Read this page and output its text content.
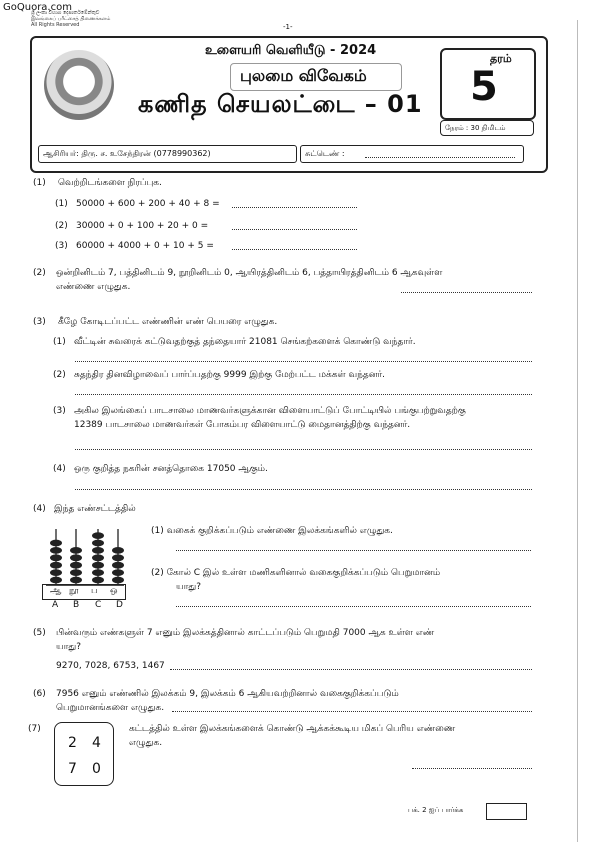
GoQuora.com
ශ්‍රී ලංකා විභාග දෙපාර්තමේන්තුව
இலங்கைப் பரீட்சைத் திணைக்களம்
All Rights Reserved	-1-
உளையரி வெளியீடு - 2024
புலமை விவேகம்
கணித செயலட்டை – 01
தரம்
5
நேரம் : 30 நிமிடம்
ஆசிரியர்: திரு. ச. உசேந்திரன் (0778990362)	சுட்டெண் :
(1) வெற்றிடங்களை நிரப்புக.
(1) 50000 + 600 + 200 + 40 + 8 =
(2) 30000 + 0 + 100 + 20 + 0 =
(3) 60000 + 4000 + 0 + 10 + 5 =
(2) ஒன்றினிடம் 7, பத்தினிடம் 9, நூறினிடம் 0, ஆயிரத்தினிடம் 6, பத்தாயிரத்தினிடம் 6 ஆகவுள்ள
எண்ணை எழுதுக.
(3) கீழே கோடிடப்பட்ட எண்ணின் எண் பெயரை எழுதுக.
(1) வீட்டின் சுவரைக் கட்டுவதற்குத் தந்தையார் 21081 செங்கற்களைக் கொண்டு வந்தார்.
(2) சுதந்திர தினவிழாவைப் பார்ப்பதற்கு 9999 இற்கு மேற்பட்ட மக்கள் வந்தனர்.
(3) அகில இலங்கைப் பாடசாலை மாணவர்களுக்கான விளையாட்டுப் போட்டியில் பங்குபற்றுவதற்கு
12389 பாடசாலை மாணவர்கள் போகம்பர விளையாட்டு மைதானத்திற்கு வந்தனர்.
(4) ஒரு குறித்த நகரின் சனத்தொகை 17050 ஆகும்.
(4) இந்த எண்சட்டத்தில்
ஆ நூ ப ஒ
A B C D
(1) வகைக் குறிக்கப்படும் எண்ணை இலக்கங்களில் எழுதுக.
(2) கோல் C இல் உள்ள மணிகளினால் வகைகுறிக்கப்படும் பெறுமானம்
யாது?
(5) பின்வரும் எண்களுள் 7 எனும் இலக்கத்தினால் காட்டப்படும் பெறுமதி 7000 ஆக உள்ள எண்
யாது?
9270, 7028, 6753, 1467
(6) 7956 எனும் எண்ணில் இலக்கம் 9, இலக்கம் 6 ஆகியவற்றினால் வகைகுறிக்கப்படும்
பெறுமானங்களை எழுதுக.
(7)
2 4
7 0
கட்டத்தில் உள்ள இலக்கங்களைக் கொண்டு ஆக்கக்கூடிய மிகப் பெரிய எண்ணை
எழுதுக.
பக். 2 ஐப் பார்க்க
